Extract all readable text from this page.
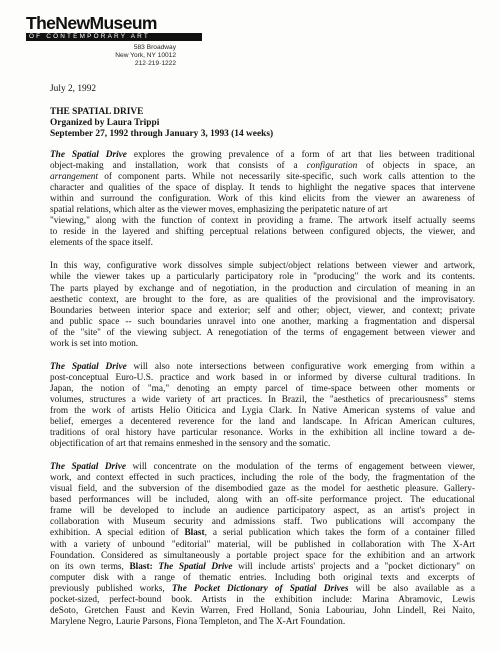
TheNewMuseum
OF CONTEMPORARY ART
583 Broadway
New York, NY 10012
212·219·1222
July 2, 1992
THE SPATIAL DRIVE
Organized by Laura Trippi
September 27, 1992 through January 3, 1993 (14 weeks)

The Spatial Drive explores the growing prevalence of a form of art that lies between traditional
object-making and installation, work that consists of a configuration of objects in space, an
arrangement of component parts. While not necessarily site-specific, such work calls attention to the
character and qualities of the space of display. It tends to highlight the negative spaces that intervene
within and surround the configuration. Work of this kind elicits from the viewer an awareness of
spatial relations, which alter as the viewer moves, emphasizing the peripatetic nature of art
"viewing," along with the function of context in providing a frame. The artwork itself actually seems
to reside in the layered and shifting perceptual relations between configured objects, the viewer, and
elements of the space itself.

In this way, configurative work dissolves simple subject/object relations between viewer and artwork,
while the viewer takes up a particularly participatory role in "producing" the work and its contents.
The parts played by exchange and of negotiation, in the production and circulation of meaning in an
aesthetic context, are brought to the fore, as are qualities of the provisional and the improvisatory.
Boundaries between interior space and exterior; self and other; object, viewer, and context; private
and public space -- such boundaries unravel into one another, marking a fragmentation and dispersal
of the "site" of the viewing subject. A renegotiation of the terms of engagement between viewer and
work is set into motion.

The Spatial Drive will also note intersections between configurative work emerging from within a
post-conceptual Euro-U.S. practice and work based in or informed by diverse cultural traditions. In
Japan, the notion of "ma," denoting an empty parcel of time-space between other moments or
volumes, structures a wide variety of art practices. In Brazil, the "aesthetics of precariousness" stems
from the work of artists Helio Oiticica and Lygia Clark. In Native American systems of value and
belief, emerges a decentered reverence for the land and landscape. In African American cultures,
traditions of oral history have particular resonance. Works in the exhibition all incline toward a de-
objectification of art that remains enmeshed in the sensory and the somatic.

The Spatial Drive will concentrate on the modulation of the terms of engagement between viewer,
work, and context effected in such practices, including the role of the body, the fragmentation of the
visual field, and the subversion of the disembodied gaze as the model for aesthetic pleasure. Gallery-
based performances will be included, along with an off-site performance project. The educational
frame will be developed to include an audience participatory aspect, as an artist's project in
collaboration with Museum security and admissions staff. Two publications will accompany the
exhibition. A special edition of Blast, a serial publication which takes the form of a container filled
with a variety of unbound "editorial" material, will be published in collaboration with The X-Art
Foundation. Considered as simultaneously a portable project space for the exhibition and an artwork
on its own terms, Blast: The Spatial Drive will include artists' projects and a "pocket dictionary" on
computer disk with a range of thematic entries. Including both original texts and excerpts of
previously published works, The Pocket Dictionary of Spatial Drives will be also available as a
pocket-sized, perfect-bound book. Artists in the exhibition include: Marina Abramovic, Lewis
deSoto, Gretchen Faust and Kevin Warren, Fred Holland, Sonia Labouriau, John Lindell, Rei Naito,
Marylene Negro, Laurie Parsons, Fiona Templeton, and The X-Art Foundation.
